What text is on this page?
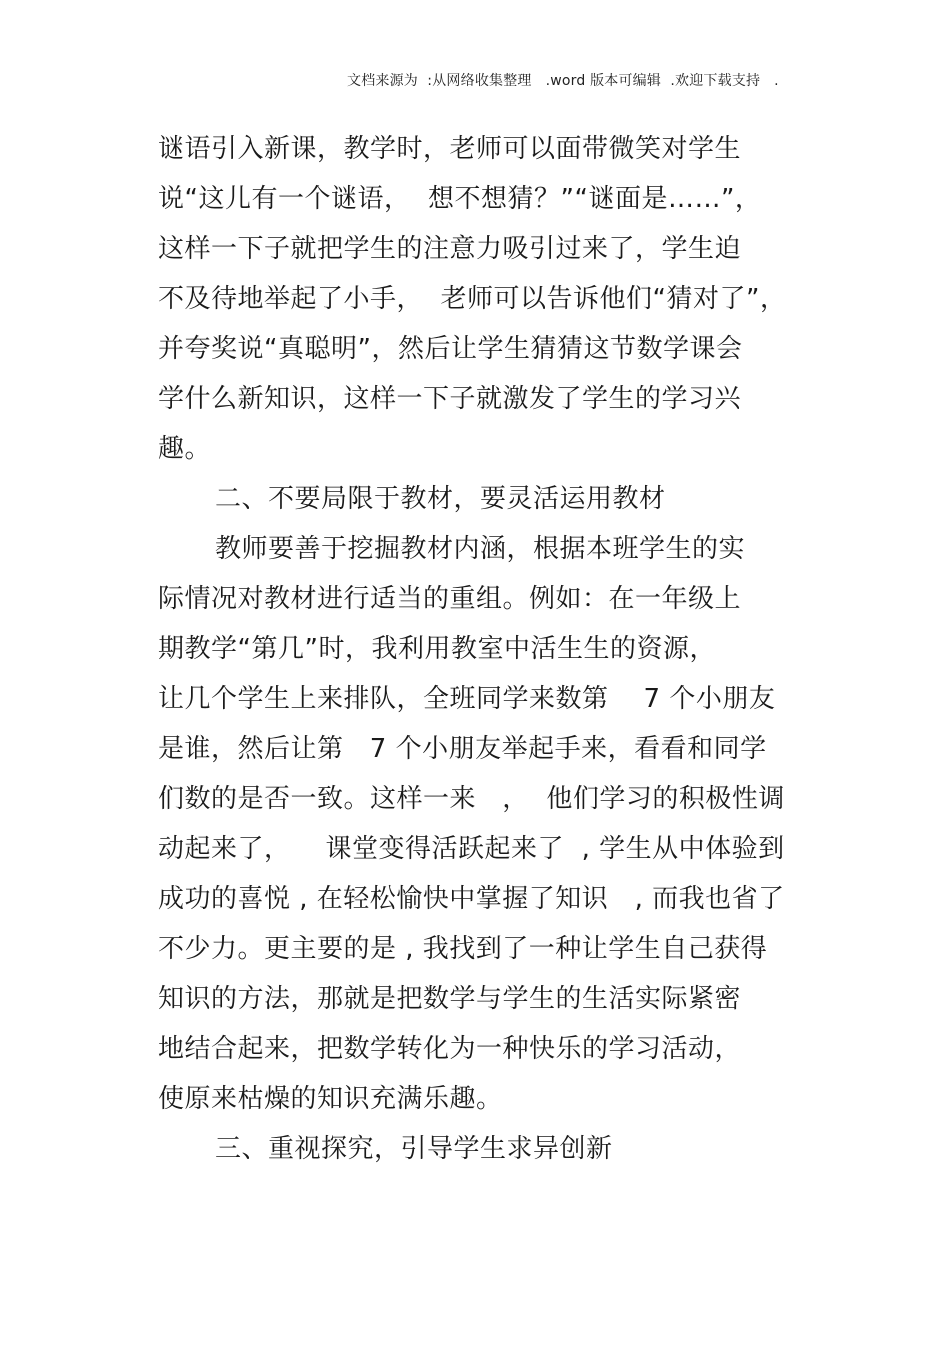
文档来源为  :从网络收集整理   .word 版本可编辑  .欢迎下载支持   .
谜语引入新课，教学时，老师可以面带微笑对学生
说“这儿有一个谜语，  想不想猜？”“谜面是……”，
这样一下子就把学生的注意力吸引过来了，学生迫
不及待地举起了小手，  老师可以告诉他们“猜对了”，
并夸奖说“真聪明”，然后让学生猜猜这节数学课会
学什么新知识，这样一下子就激发了学生的学习兴
趣。
二、不要局限于教材，要灵活运用教材
教师要善于挖掘教材内涵，根据本班学生的实
际情况对教材进行适当的重组。例如：在一年级上
期教学“第几”时，我利用教室中活生生的资源，
让几个学生上来排队，全班同学来数第    7 个小朋友
是谁，然后让第   7 个小朋友举起手来，看看和同学
们数的是否一致。这样一来   ，  他们学习的积极性调
动起来了，    课堂变得活跃起来了  , 学生从中体验到
成功的喜悦 , 在轻松愉快中掌握了知识   , 而我也省了
不少力。更主要的是 , 我找到了一种让学生自己获得
知识的方法，那就是把数学与学生的生活实际紧密
地结合起来，把数学转化为一种快乐的学习活动，
使原来枯燥的知识充满乐趣。
三、重视探究，引导学生求异创新
